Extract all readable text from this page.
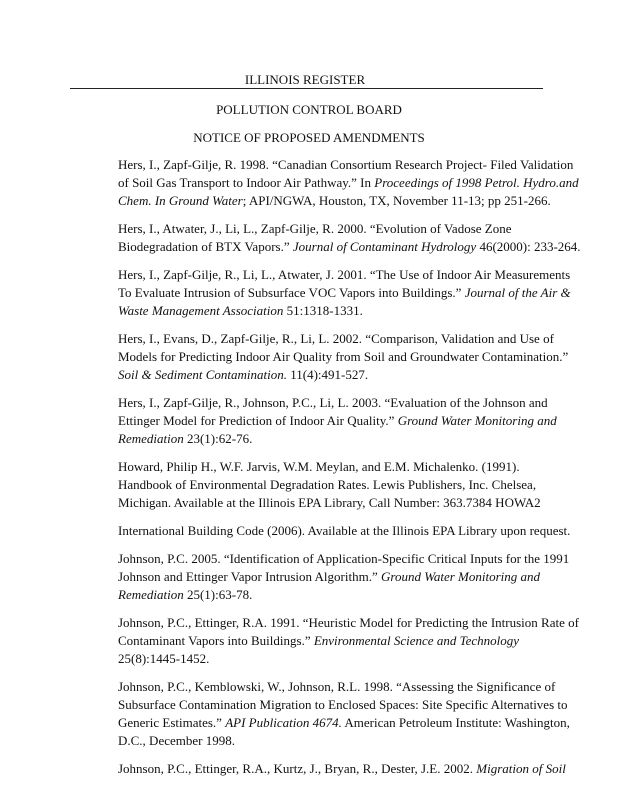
ILLINOIS REGISTER
POLLUTION CONTROL BOARD
NOTICE OF PROPOSED AMENDMENTS
Hers, I., Zapf-Gilje, R. 1998. “Canadian Consortium Research Project- Filed Validation
of Soil Gas Transport to Indoor Air Pathway.” In Proceedings of 1998 Petrol. Hydro.and
Chem. In Ground Water; API/NGWA, Houston, TX, November 11-13; pp 251-266.
Hers, I., Atwater, J., Li, L., Zapf-Gilje, R. 2000. “Evolution of Vadose Zone
Biodegradation of BTX Vapors.” Journal of Contaminant Hydrology 46(2000): 233-264.
Hers, I., Zapf-Gilje, R., Li, L., Atwater, J. 2001. “The Use of Indoor Air Measurements
To Evaluate Intrusion of Subsurface VOC Vapors into Buildings.” Journal of the Air &
Waste Management Association 51:1318-1331.
Hers, I., Evans, D., Zapf-Gilje, R., Li, L. 2002. “Comparison, Validation and Use of
Models for Predicting Indoor Air Quality from Soil and Groundwater Contamination.”
Soil & Sediment Contamination. 11(4):491-527.
Hers, I., Zapf-Gilje, R., Johnson, P.C., Li, L. 2003. “Evaluation of the Johnson and
Ettinger Model for Prediction of Indoor Air Quality.” Ground Water Monitoring and
Remediation 23(1):62-76.
Howard, Philip H., W.F. Jarvis, W.M. Meylan, and E.M. Michalenko. (1991).
Handbook of Environmental Degradation Rates. Lewis Publishers, Inc. Chelsea,
Michigan. Available at the Illinois EPA Library, Call Number: 363.7384 HOWA2
International Building Code (2006). Available at the Illinois EPA Library upon request.
Johnson, P.C. 2005. “Identification of Application-Specific Critical Inputs for the 1991
Johnson and Ettinger Vapor Intrusion Algorithm.” Ground Water Monitoring and
Remediation 25(1):63-78.
Johnson, P.C., Ettinger, R.A. 1991. “Heuristic Model for Predicting the Intrusion Rate of
Contaminant Vapors into Buildings.” Environmental Science and Technology
25(8):1445-1452.
Johnson, P.C., Kemblowski, W., Johnson, R.L. 1998. “Assessing the Significance of
Subsurface Contamination Migration to Enclosed Spaces: Site Specific Alternatives to
Generic Estimates.” API Publication 4674. American Petroleum Institute: Washington,
D.C., December 1998.
Johnson, P.C., Ettinger, R.A., Kurtz, J., Bryan, R., Dester, J.E. 2002. Migration of Soil
